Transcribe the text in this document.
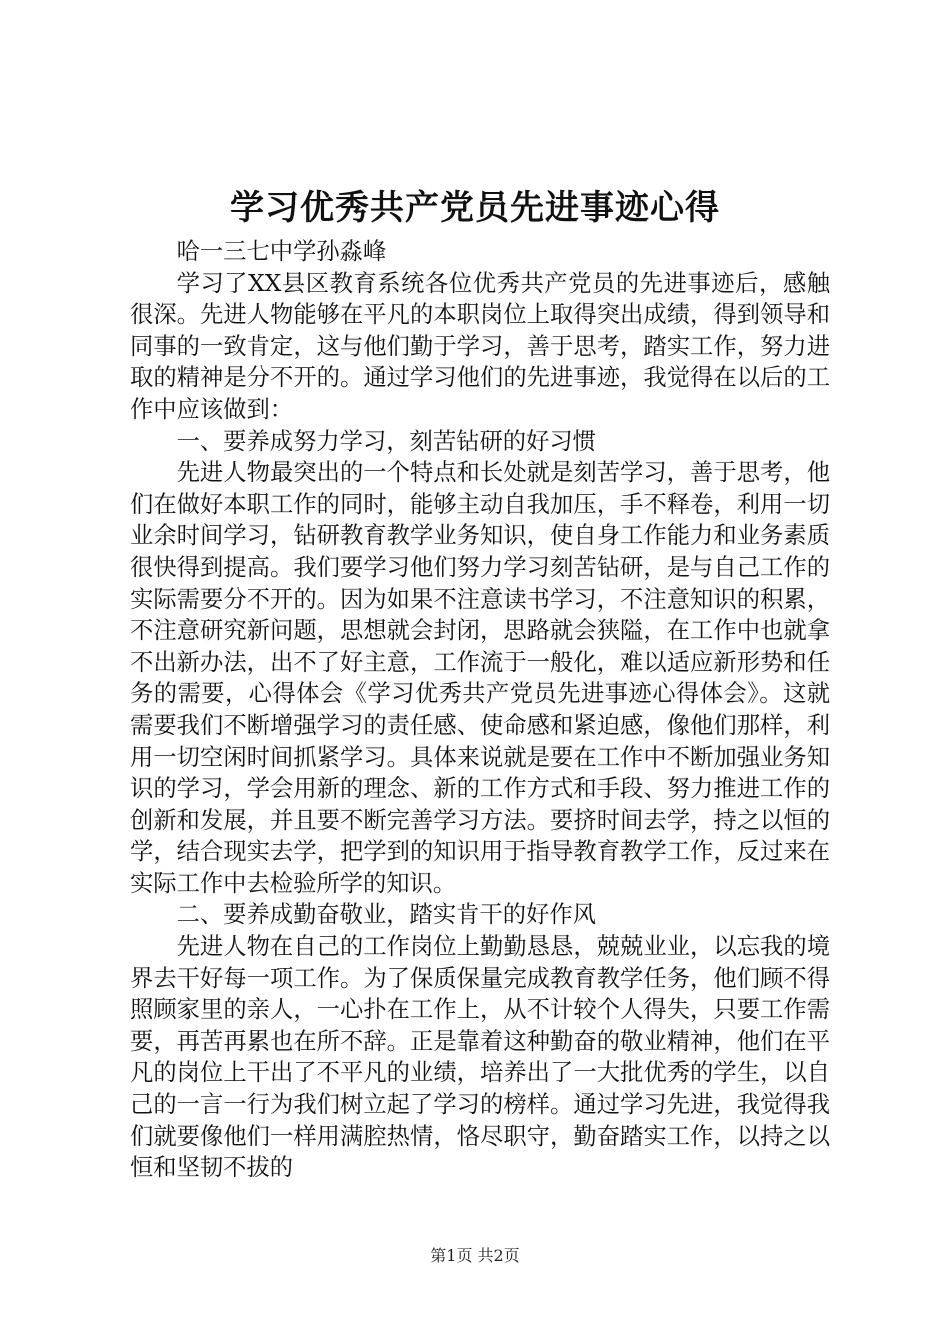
学习优秀共产党员先进事迹心得

哈一三七中学孙淼峰

学习了XX县区教育系统各位优秀共产党员的先进事迹后，感触很深。先进人物能够在平凡的本职岗位上取得突出成绩，得到领导和同事的一致肯定，这与他们勤于学习，善于思考，踏实工作，努力进取的精神是分不开的。通过学习他们的先进事迹，我觉得在以后的工作中应该做到：

一、要养成努力学习，刻苦钻研的好习惯

先进人物最突出的一个特点和长处就是刻苦学习，善于思考，他们在做好本职工作的同时，能够主动自我加压，手不释卷，利用一切业余时间学习，钻研教育教学业务知识，使自身工作能力和业务素质很快得到提高。我们要学习他们努力学习刻苦钻研，是与自己工作的实际需要分不开的。因为如果不注意读书学习，不注意知识的积累，不注意研究新问题，思想就会封闭，思路就会狭隘，在工作中也就拿不出新办法，出不了好主意，工作流于一般化，难以适应新形势和任务的需要，心得体会《学习优秀共产党员先进事迹心得体会》。这就需要我们不断增强学习的责任感、使命感和紧迫感，像他们那样，利用一切空闲时间抓紧学习。具体来说就是要在工作中不断加强业务知识的学习，学会用新的理念、新的工作方式和手段、努力推进工作的创新和发展，并且要不断完善学习方法。要挤时间去学，持之以恒的学，结合现实去学，把学到的知识用于指导教育教学工作，反过来在实际工作中去检验所学的知识。

二、要养成勤奋敬业，踏实肯干的好作风

先进人物在自己的工作岗位上勤勤恳恳，兢兢业业，以忘我的境界去干好每一项工作。为了保质保量完成教育教学任务，他们顾不得照顾家里的亲人，一心扑在工作上，从不计较个人得失，只要工作需要，再苦再累也在所不辞。正是靠着这种勤奋的敬业精神，他们在平凡的岗位上干出了不平凡的业绩，培养出了一大批优秀的学生，以自己的一言一行为我们树立起了学习的榜样。通过学习先进，我觉得我们就要像他们一样用满腔热情，恪尽职守，勤奋踏实工作，以持之以恒和坚韧不拔的

第1页 共2页
